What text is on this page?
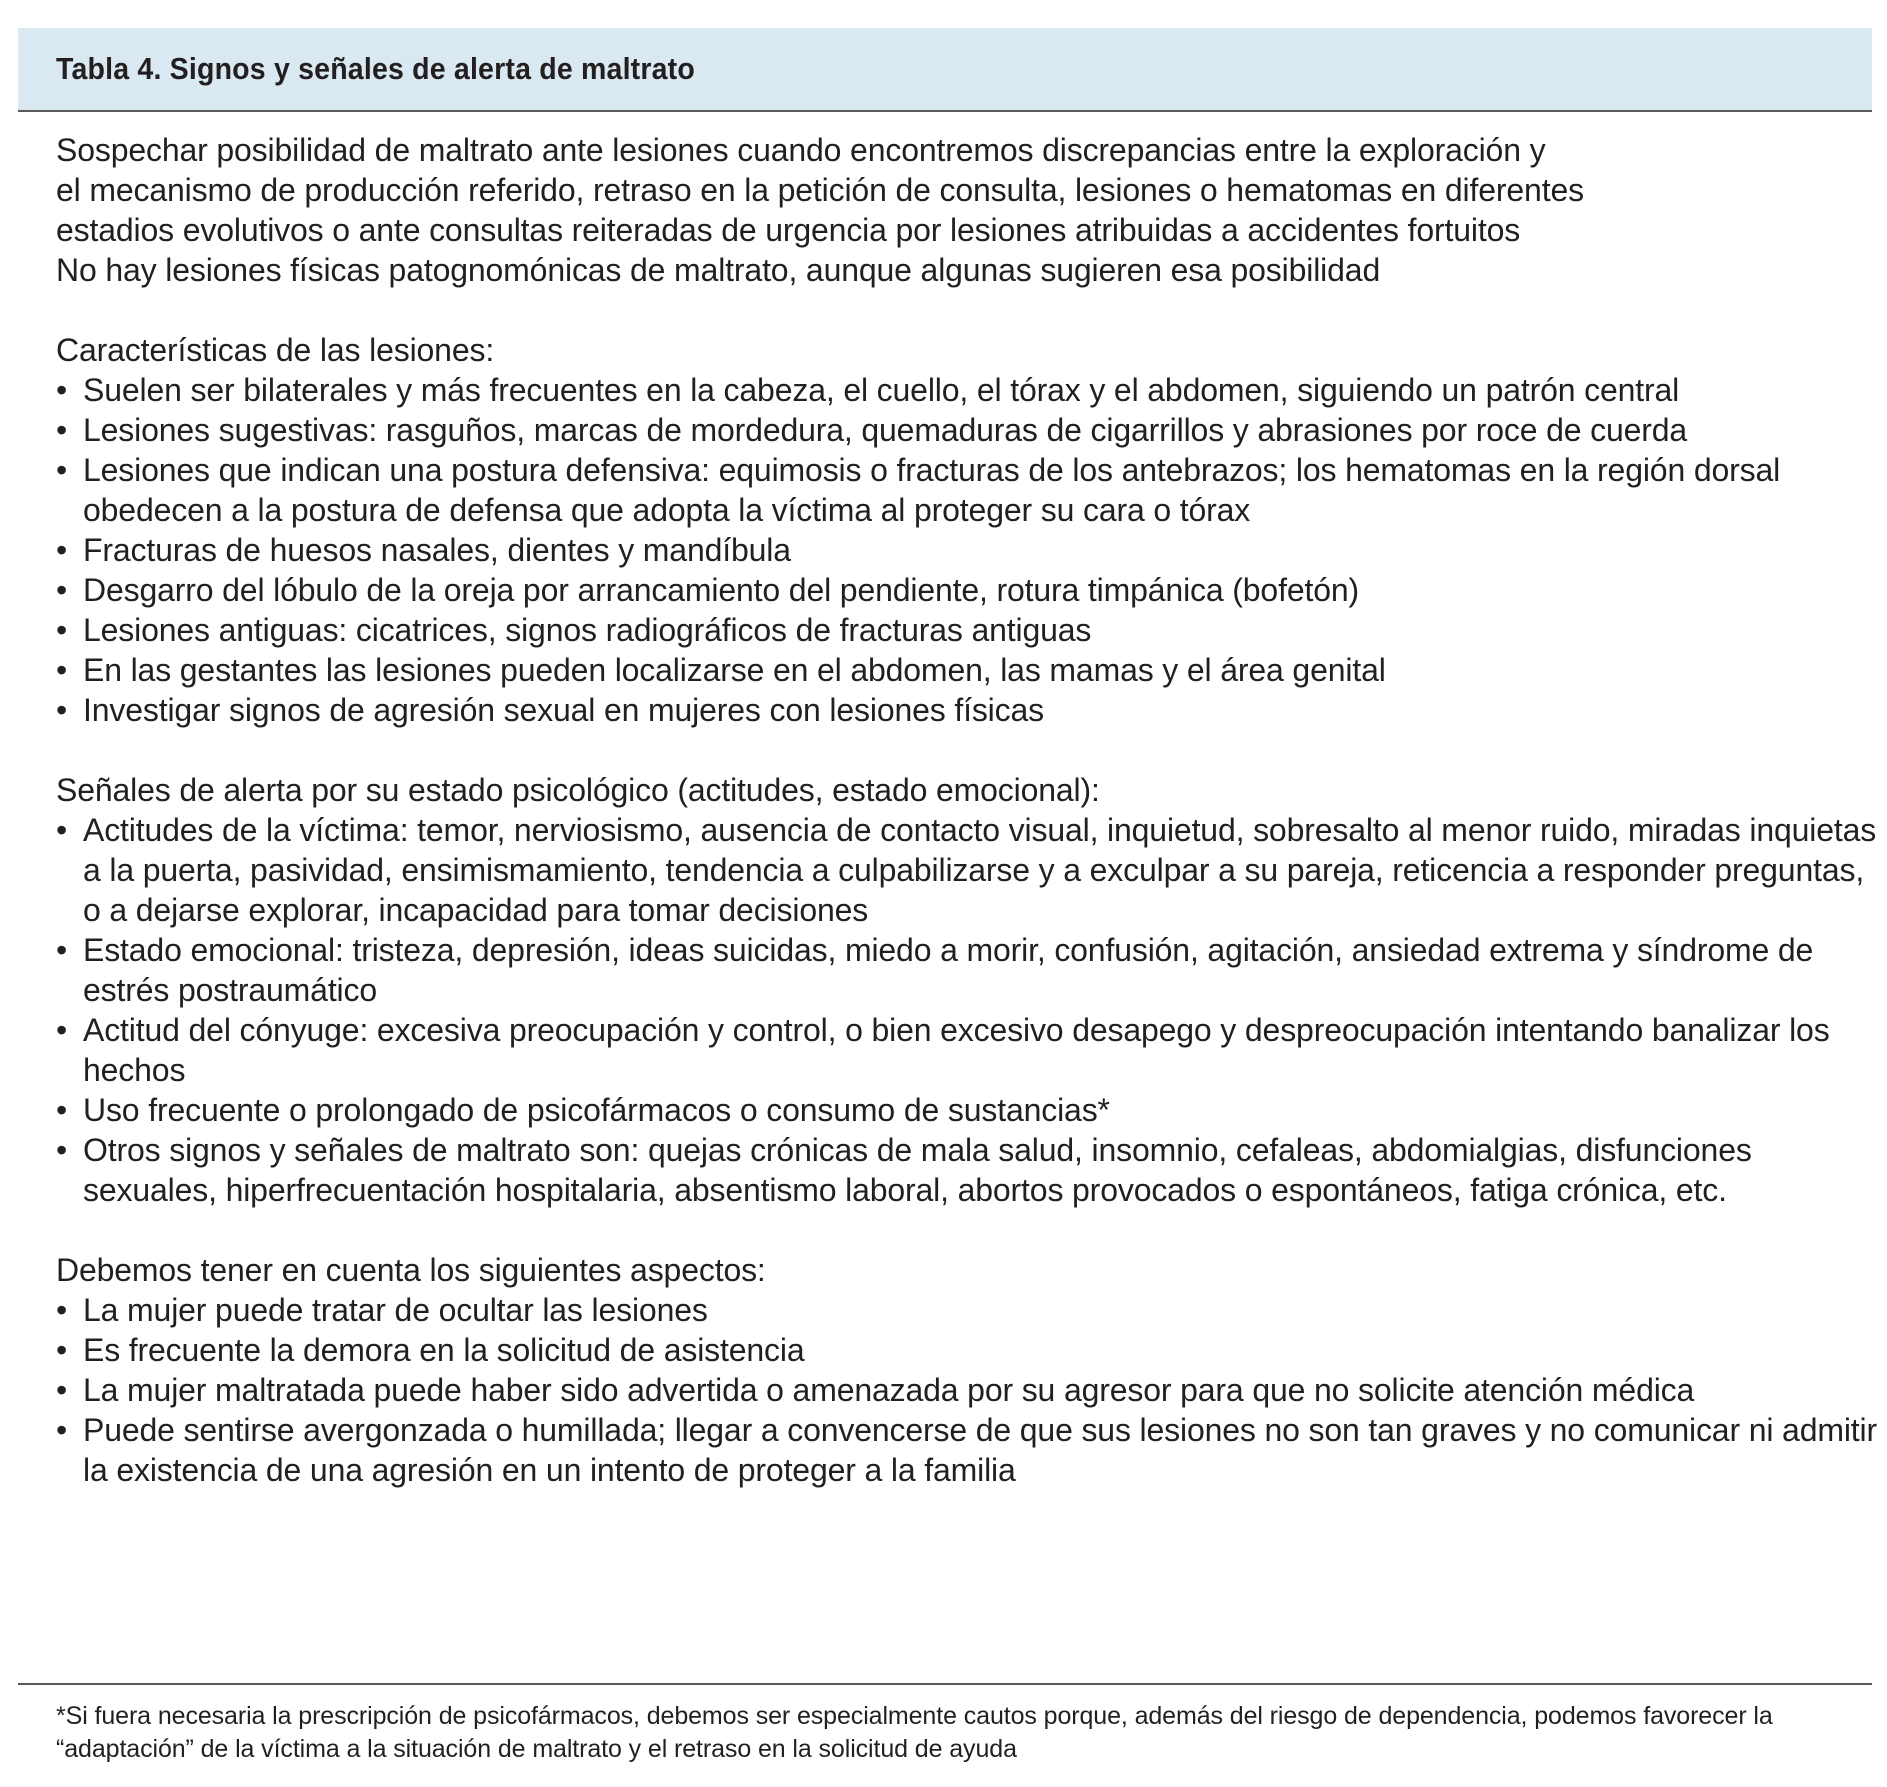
Tabla 4. Signos y señales de alerta de maltrato
Sospechar posibilidad de maltrato ante lesiones cuando encontremos discrepancias entre la exploración y
el mecanismo de producción referido, retraso en la petición de consulta, lesiones o hematomas en diferentes
estadios evolutivos o ante consultas reiteradas de urgencia por lesiones atribuidas a accidentes fortuitos
No hay lesiones físicas patognomónicas de maltrato, aunque algunas sugieren esa posibilidad
Características de las lesiones:
• Suelen ser bilaterales y más frecuentes en la cabeza, el cuello, el tórax y el abdomen, siguiendo un patrón central
• Lesiones sugestivas: rasguños, marcas de mordedura, quemaduras de cigarrillos y abrasiones por roce de cuerda
• Lesiones que indican una postura defensiva: equimosis o fracturas de los antebrazos; los hematomas en la región dorsal obedecen a la postura de defensa que adopta la víctima al proteger su cara o tórax
• Fracturas de huesos nasales, dientes y mandíbula
• Desgarro del lóbulo de la oreja por arrancamiento del pendiente, rotura timpánica (bofetón)
• Lesiones antiguas: cicatrices, signos radiográficos de fracturas antiguas
• En las gestantes las lesiones pueden localizarse en el abdomen, las mamas y el área genital
• Investigar signos de agresión sexual en mujeres con lesiones físicas
Señales de alerta por su estado psicológico (actitudes, estado emocional):
• Actitudes de la víctima: temor, nerviosismo, ausencia de contacto visual, inquietud, sobresalto al menor ruido, miradas inquietas a la puerta, pasividad, ensimismamiento, tendencia a culpabilizarse y a exculpar a su pareja, reticencia a responder preguntas, o a dejarse explorar, incapacidad para tomar decisiones
• Estado emocional: tristeza, depresión, ideas suicidas, miedo a morir, confusión, agitación, ansiedad extrema y síndrome de estrés postraumático
• Actitud del cónyuge: excesiva preocupación y control, o bien excesivo desapego y despreocupación intentando banalizar los hechos
• Uso frecuente o prolongado de psicofármacos o consumo de sustancias*
• Otros signos y señales de maltrato son: quejas crónicas de mala salud, insomnio, cefaleas, abdomialgias, disfunciones sexuales, hiperfrecuentación hospitalaria, absentismo laboral, abortos provocados o espontáneos, fatiga crónica, etc.
Debemos tener en cuenta los siguientes aspectos:
• La mujer puede tratar de ocultar las lesiones
• Es frecuente la demora en la solicitud de asistencia
• La mujer maltratada puede haber sido advertida o amenazada por su agresor para que no solicite atención médica
• Puede sentirse avergonzada o humillada; llegar a convencerse de que sus lesiones no son tan graves y no comunicar ni admitir la existencia de una agresión en un intento de proteger a la familia
*Si fuera necesaria la prescripción de psicofármacos, debemos ser especialmente cautos porque, además del riesgo de dependencia, podemos favorecer la “adaptación” de la víctima a la situación de maltrato y el retraso en la solicitud de ayuda
